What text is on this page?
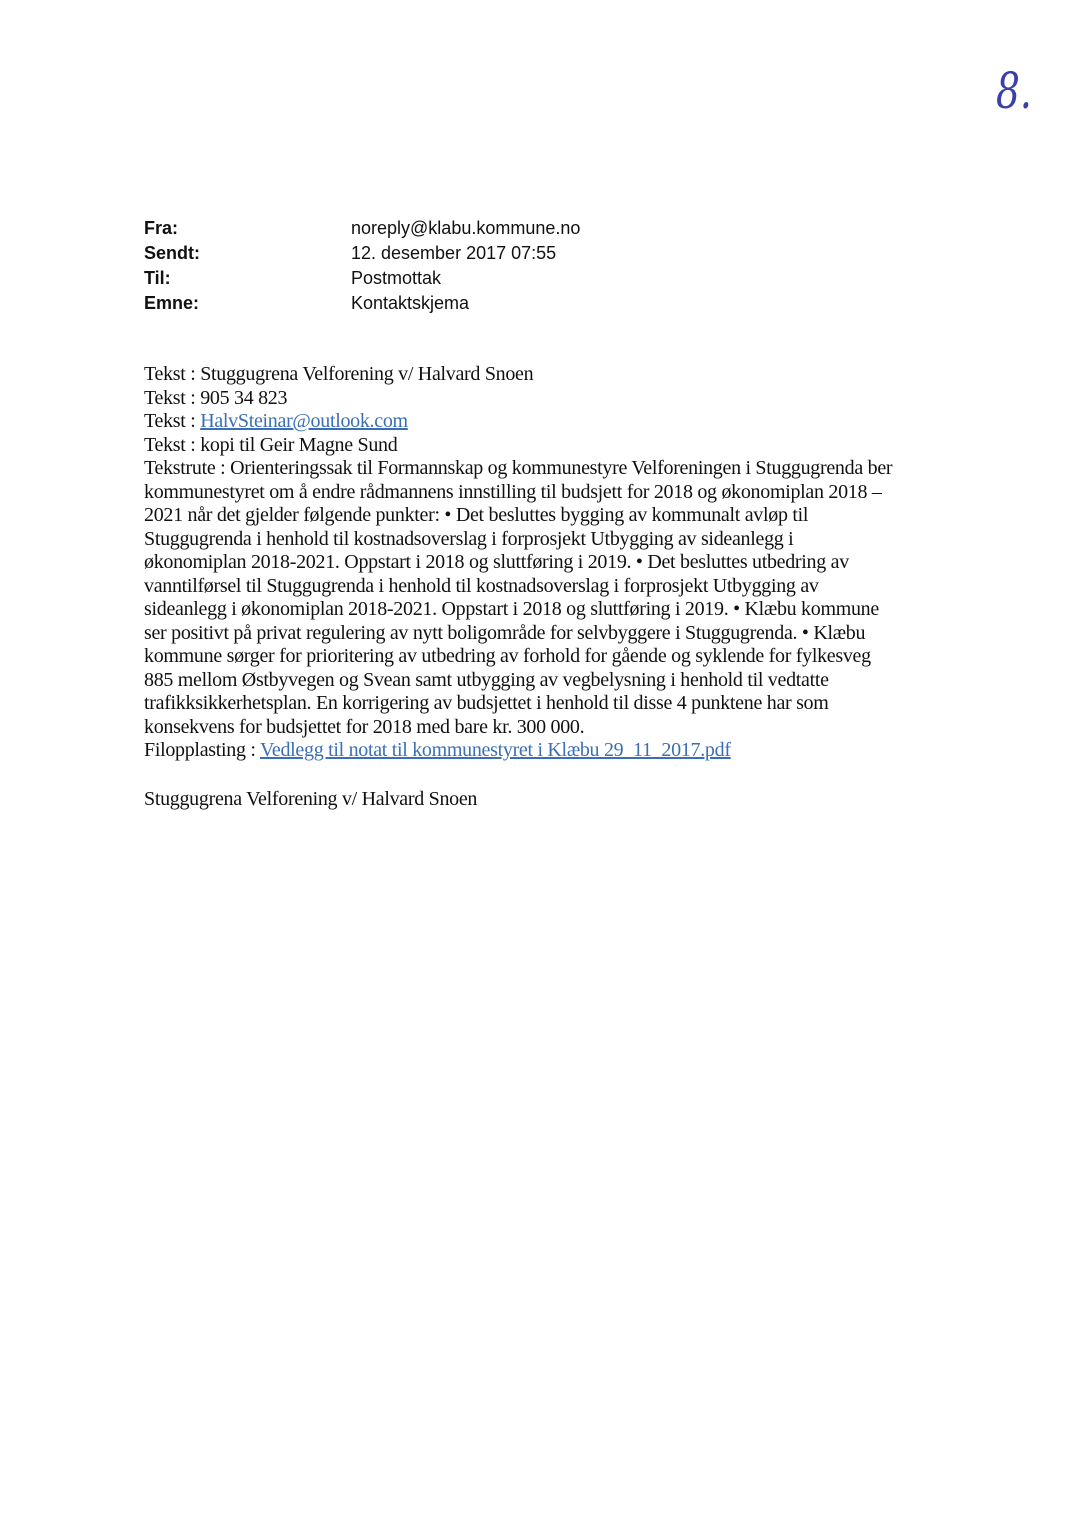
8.
Fra:	noreply@klabu.kommune.no
Sendt:	12. desember 2017 07:55
Til:	Postmottak
Emne:	Kontaktskjema
Tekst : Stuggugrena Velforening v/ Halvard Snoen
Tekst : 905 34 823
Tekst : HalvSteinar@outlook.com
Tekst : kopi til Geir Magne Sund
Tekstrute : Orienteringssak til Formannskap og kommunestyre Velforeningen i Stuggugrenda ber
kommunestyret om å endre rådmannens innstilling til budsjett for 2018 og økonomiplan 2018 –
2021 når det gjelder følgende punkter: • Det besluttes bygging av kommunalt avløp til
Stuggugrenda i henhold til kostnadsoverslag i forprosjekt Utbygging av sideanlegg i
økonomiplan 2018-2021. Oppstart i 2018 og sluttføring i 2019. • Det besluttes utbedring av
vanntilførsel til Stuggugrenda i henhold til kostnadsoverslag i forprosjekt Utbygging av
sideanlegg i økonomiplan 2018-2021. Oppstart i 2018 og sluttføring i 2019. • Klæbu kommune
ser positivt på privat regulering av nytt boligområde for selvbyggere i Stuggugrenda. • Klæbu
kommune sørger for prioritering av utbedring av forhold for gående og syklende for fylkesveg
885 mellom Østbyvegen og Svean samt utbygging av vegbelysning i henhold til vedtatte
trafikksikkerhetsplan. En korrigering av budsjettet i henhold til disse 4 punktene har som
konsekvens for budsjettet for 2018 med bare kr. 300 000.
Filopplasting : Vedlegg til notat til kommunestyret i Klæbu 29_11_2017.pdf
Stuggugrena Velforening v/ Halvard Snoen
